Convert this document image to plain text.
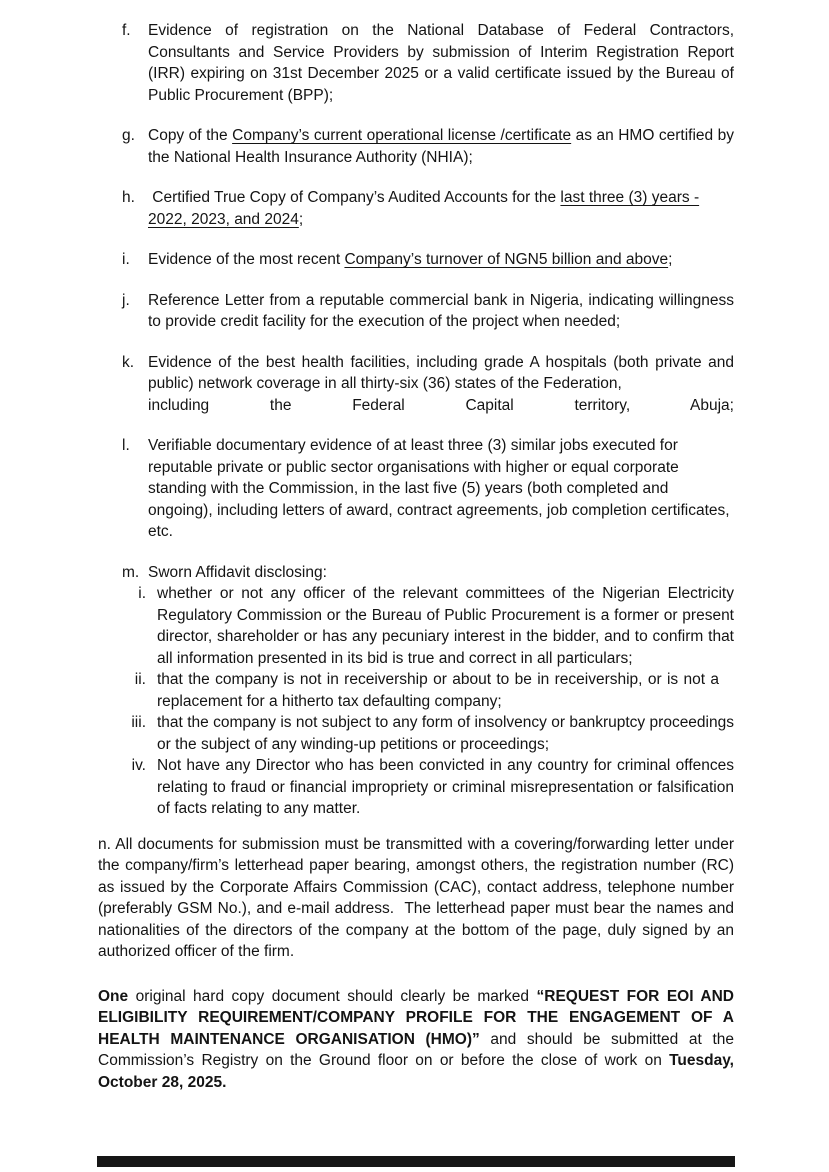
f.	Evidence of registration on the National Database of Federal Contractors, Consultants and Service Providers by submission of Interim Registration Report (IRR) expiring on 31st December 2025 or a valid certificate issued by the Bureau of Public Procurement (BPP);
g. Copy of the Company’s current operational license /certificate as an HMO certified by the National Health Insurance Authority (NHIA);
h. Certified True Copy of Company’s Audited Accounts for the last three (3) years - 2022, 2023, and 2024;
i.	Evidence of the most recent Company’s turnover of NGN5 billion and above;
j.	Reference Letter from a reputable commercial bank in Nigeria, indicating willingness to provide credit facility for the execution of the project when needed;
k. Evidence of the best health facilities, including grade A hospitals (both private and public) network coverage in all thirty-six (36) states of the Federation,
including the Federal Capital territory, Abuja;
l.	Verifiable documentary evidence of at least three (3) similar jobs executed for reputable private or public sector organisations with higher or equal corporate standing with the Commission, in the last five (5) years (both completed and ongoing), including letters of award, contract agreements, job completion certificates, etc.
m. Sworn Affidavit disclosing:
i. whether or not any officer of the relevant committees of the Nigerian Electricity Regulatory Commission or the Bureau of Public Procurement is a former or present director, shareholder or has any pecuniary interest in the bidder, and to confirm that all information presented in its bid is true and correct in all particulars;
ii. that the company is not in receivership or about to be in receivership, or is not a    replacement for a hitherto tax defaulting company;
iii. that the company is not subject to any form of insolvency or bankruptcy proceedings or the subject of any winding-up petitions or proceedings;
iv. Not have any Director who has been convicted in any country for criminal offences relating to fraud or financial impropriety or criminal misrepresentation or falsification of facts relating to any matter.

n. All documents for submission must be transmitted with a covering/forwarding letter under the company/firm’s letterhead paper bearing, amongst others, the registration number (RC) as issued by the Corporate Affairs Commission (CAC), contact address, telephone number (preferably GSM No.), and e-mail address.  The letterhead paper must bear the names and nationalities of the directors of the company at the bottom of the page, duly signed by an authorized officer of the firm.

One original hard copy document should clearly be marked “REQUEST FOR EOI AND ELIGIBILITY REQUIREMENT/COMPANY PROFILE FOR THE ENGAGEMENT OF A HEALTH MAINTENANCE ORGANISATION (HMO)” and should be submitted at the Commission’s Registry on the Ground floor on or before the close of work on Tuesday, October 28, 2025.
